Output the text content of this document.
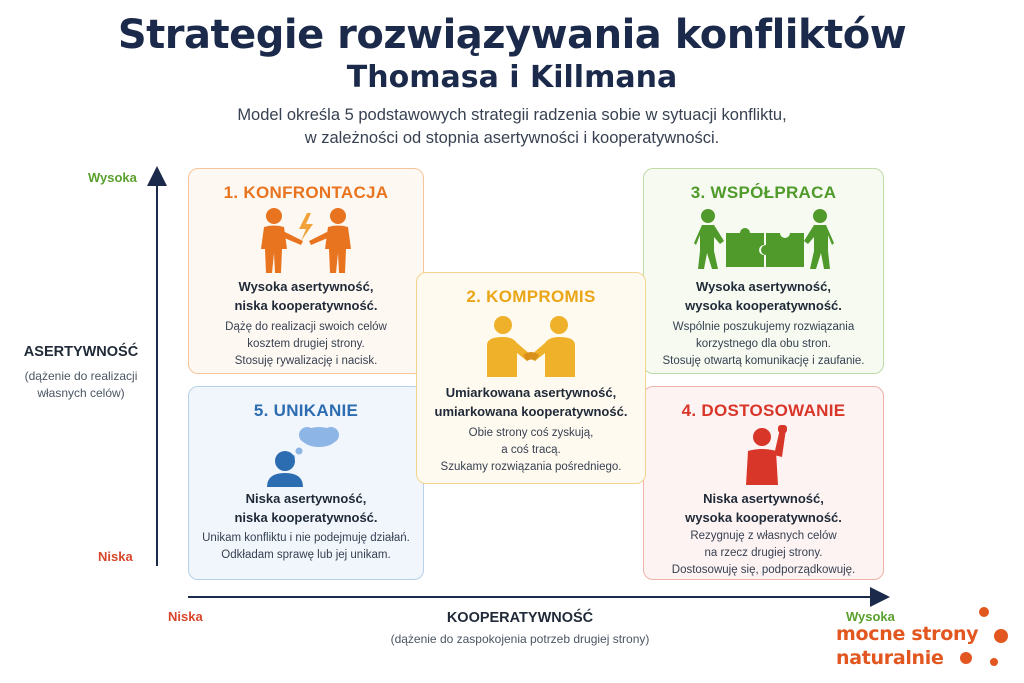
Strategie rozwiązywania konfliktów
Thomasa i Killmana
Model określa 5 podstawowych strategii radzenia sobie w sytuacji konfliktu,
w zależności od stopnia asertywności i kooperatywności.
Wysoka
Niska
ASERTYWNOŚĆ
(dążenie do realizacji
własnych celów)
Niska	Wysoka
KOOPERATYWNOŚĆ
(dążenie do zaspokojenia potrzeb drugiej strony)
1. KONFRONTACJA
Wysoka asertywność,
niska kooperatywność.
Dążę do realizacji swoich celów
kosztem drugiej strony.
Stosuję rywalizację i nacisk.
3. WSPÓŁPRACA
Wysoka asertywność,
wysoka kooperatywność.
Wspólnie poszukujemy rozwiązania
korzystnego dla obu stron.
Stosuję otwartą komunikację i zaufanie.
5. UNIKANIE
Niska asertywność,
niska kooperatywność.
Unikam konfliktu i nie podejmuję działań.
Odkładam sprawę lub jej unikam.
4. DOSTOSOWANIE
Niska asertywność,
wysoka kooperatywność.
Rezygnuję z własnych celów
na rzecz drugiej strony.
Dostosowuję się, podporządkowuję.
2. KOMPROMIS
Umiarkowana asertywność,
umiarkowana kooperatywność.
Obie strony coś zyskują,
a coś tracą.
Szukamy rozwiązania pośredniego.
mocne strony
naturalnie
